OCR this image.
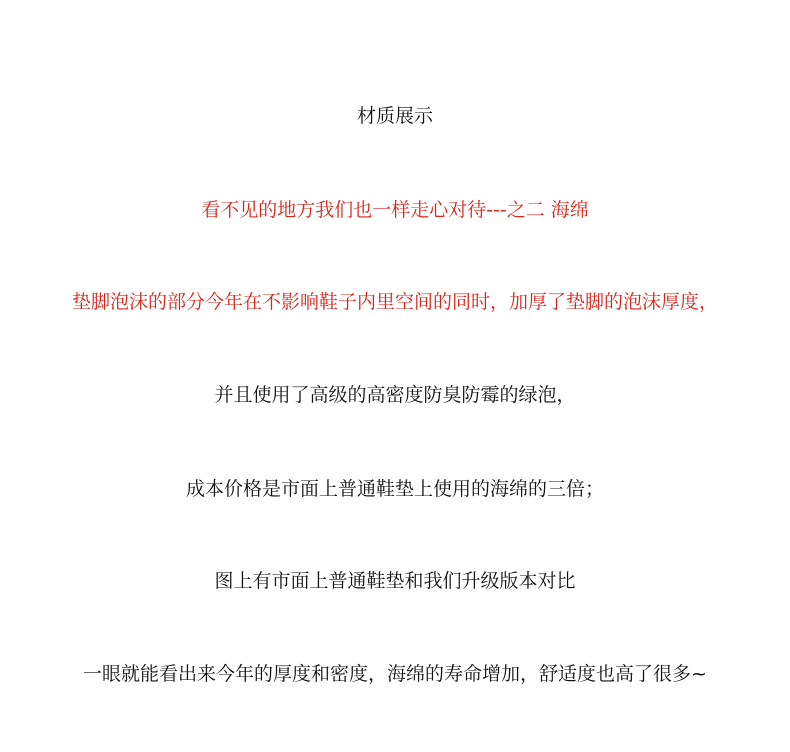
材质展示
看不见的地方我们也一样走心对待---之二 海绵
垫脚泡沫的部分今年在不影响鞋子内里空间的同时，加厚了垫脚的泡沫厚度，
并且使用了高级的高密度防臭防霉的绿泡，
成本价格是市面上普通鞋垫上使用的海绵的三倍；
图上有市面上普通鞋垫和我们升级版本对比
一眼就能看出来今年的厚度和密度，海绵的寿命增加，舒适度也高了很多~
